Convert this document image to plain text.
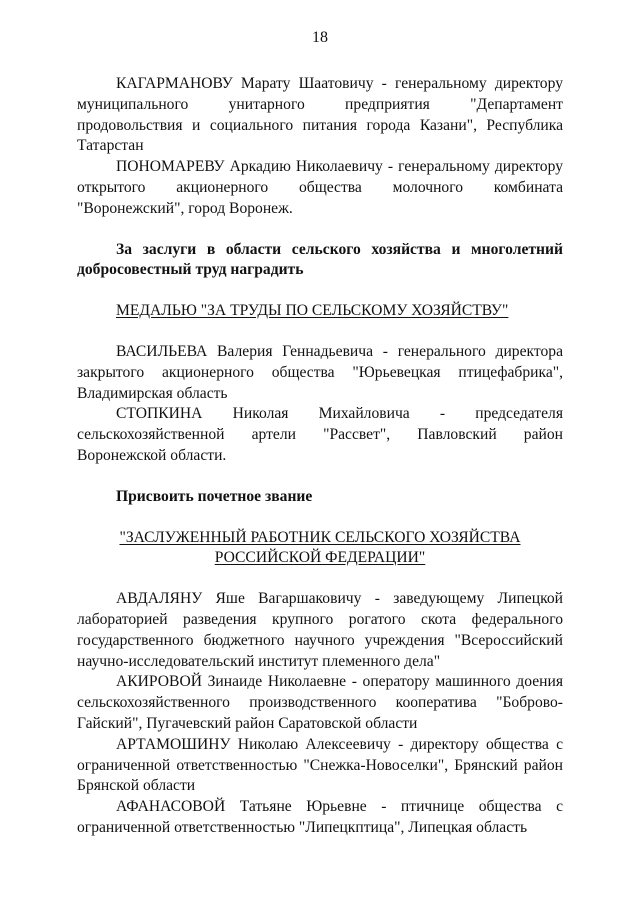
18

КАГАРМАНОВУ Марату Шаатовичу - генеральному директору муниципального унитарного предприятия "Департамент продовольствия и социального питания города Казани", Республика Татарстан

ПОНОМАРЕВУ Аркадию Николаевичу - генеральному директору открытого акционерного общества молочного комбината "Воронежский", город Воронеж.

За заслуги в области сельского хозяйства и многолетний добросовестный труд наградить

МЕДАЛЬЮ "ЗА ТРУДЫ ПО СЕЛЬСКОМУ ХОЗЯЙСТВУ"

ВАСИЛЬЕВА Валерия Геннадьевича - генерального директора закрытого акционерного общества "Юрьевецкая птицефабрика", Владимирская область

СТОПКИНА Николая Михайловича - председателя сельскохозяйственной артели "Рассвет", Павловский район Воронежской области.

Присвоить почетное звание

"ЗАСЛУЖЕННЫЙ РАБОТНИК СЕЛЬСКОГО ХОЗЯЙСТВА

РОССИЙСКОЙ ФЕДЕРАЦИИ"

АВДАЛЯНУ Яше Вагаршаковичу - заведующему Липецкой лабораторией разведения крупного рогатого скота федерального государственного бюджетного научного учреждения "Всероссийский научно-исследовательский институт племенного дела"

АКИРОВОЙ Зинаиде Николаевне - оператору машинного доения сельскохозяйственного производственного кооператива "Боброво-Гайский", Пугачевский район Саратовской области

АРТАМОШИНУ Николаю Алексеевичу - директору общества с ограниченной ответственностью "Снежка-Новоселки", Брянский район Брянской области

АФАНАСОВОЙ Татьяне Юрьевне - птичнице общества с ограниченной ответственностью "Липецкптица", Липецкая область
